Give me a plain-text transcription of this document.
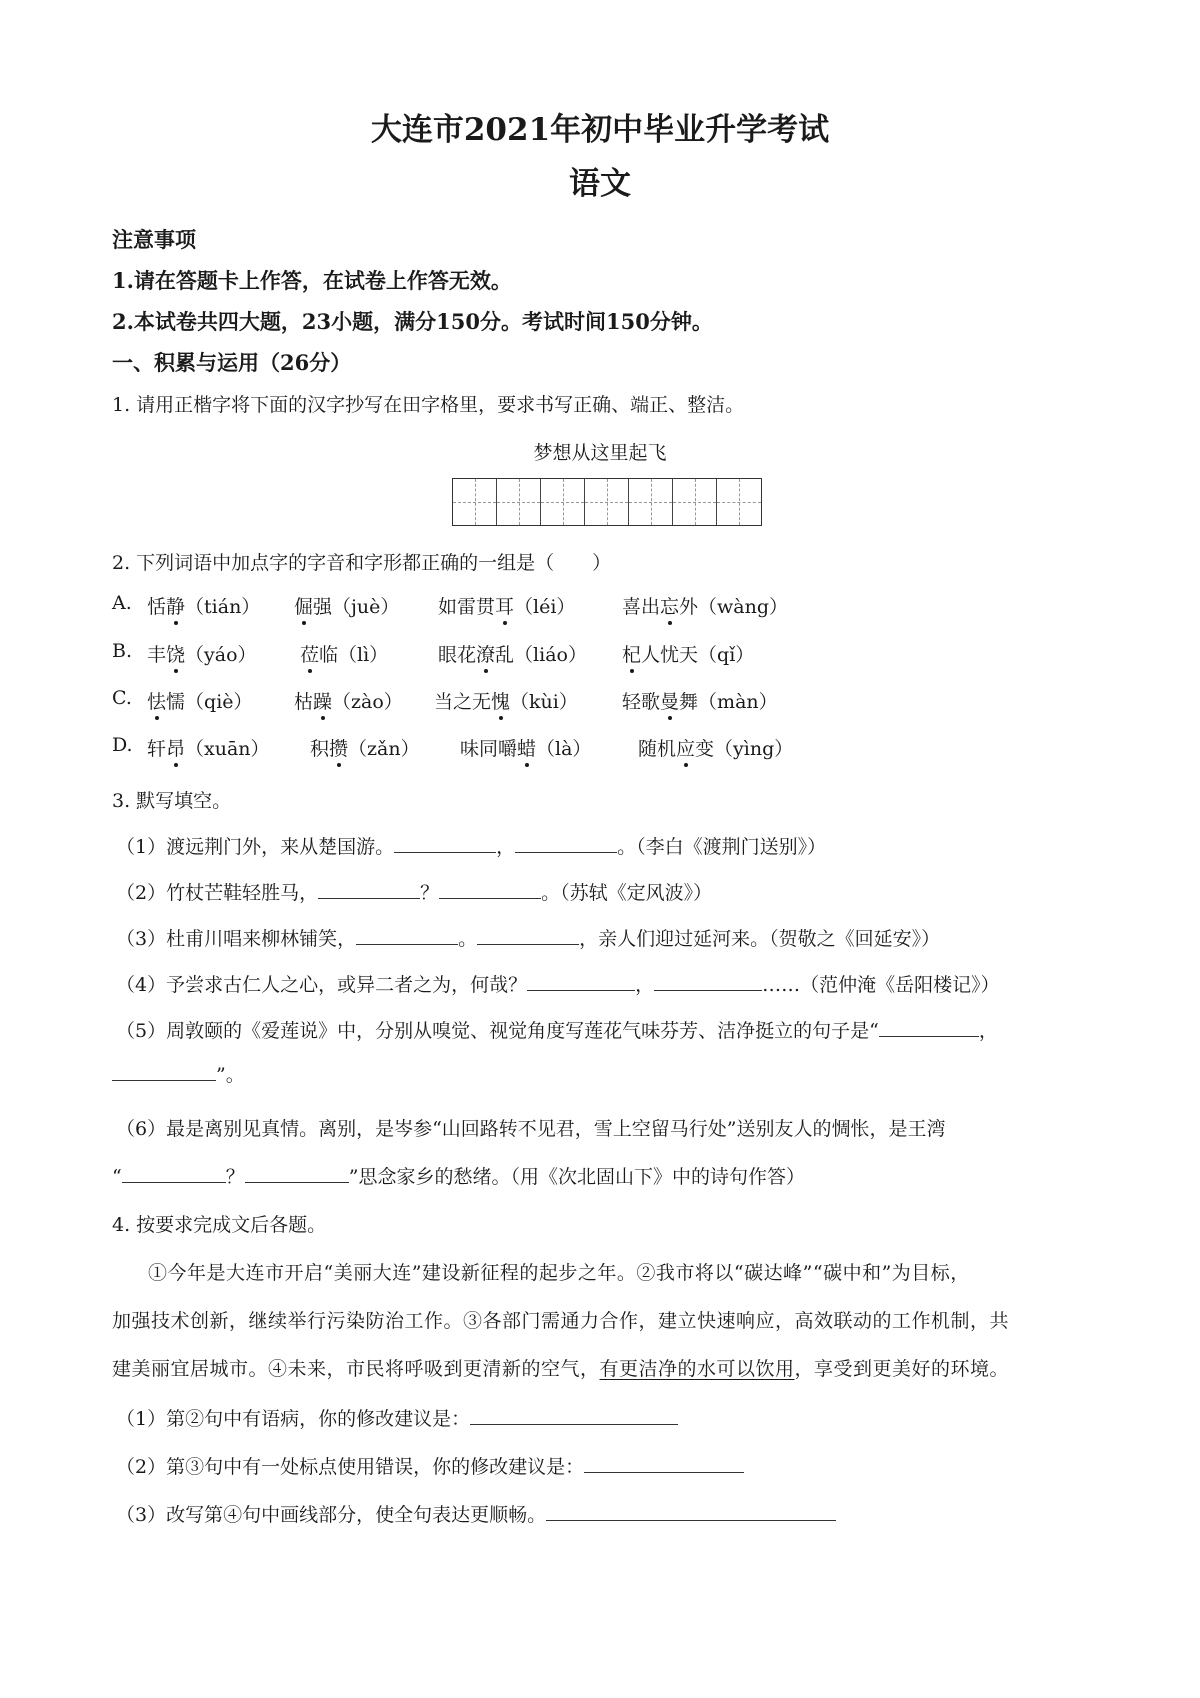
大连市2021年初中毕业升学考试
语文
注意事项
1.请在答题卡上作答，在试卷上作答无效。
2.本试卷共四大题，23小题，满分150分。考试时间150分钟。
一、积累与运用（26分）
1. 请用正楷字将下面的汉字抄写在田字格里，要求书写正确、端正、整洁。
梦想从这里起飞
2. 下列词语中加点字的字音和字形都正确的一组是（　　）
A. 恬静（tián） 倔强（juè） 如雷贯耳（léi） 喜出忘外（wàng）
B. 丰饶（yáo） 莅临（lì）	眼花潦乱（liáo） 杞人忧天（qǐ）
C. 怯懦（qiè） 枯躁（zào） 当之无愧（kùi） 轻歌曼舞（màn）
D. 轩昂（xuān） 积攒（zǎn） 味同嚼蜡（là） 随机应变（yìng）
3. 默写填空。
（1）渡远荆门外，来从楚国游。	，	。（李白《渡荆门送别》）
（2）竹杖芒鞋轻胜马，	？	。（苏轼《定风波》）
（3）杜甫川唱来柳林铺笑，	。	，亲人们迎过延河来。（贺敬之《回延安》）
（4）予尝求古仁人之心，或异二者之为，何哉？	，	……（范仲淹《岳阳楼记》）
（5）周敦颐的《爱莲说》中，分别从嗅觉、视觉角度写莲花气味芬芳、洁净挺立的句子是“	，
”。
（6）最是离别见真情。离别，是岑参“山回路转不见君，雪上空留马行处”送别友人的惆怅，是王湾
“	？	”思念家乡的愁绪。（用《次北固山下》中的诗句作答）
4. 按要求完成文后各题。
①今年是大连市开启“美丽大连”建设新征程的起步之年。②我市将以“碳达峰”“碳中和”为目标，
加强技术创新，继续举行污染防治工作。③各部门需通力合作，建立快速响应，高效联动的工作机制，共
建美丽宜居城市。④未来，市民将呼吸到更清新的空气，有更洁净的水可以饮用，享受到更美好的环境。
（1）第②句中有语病，你的修改建议是：
（2）第③句中有一处标点使用错误，你的修改建议是：
（3）改写第④句中画线部分，使全句表达更顺畅。
